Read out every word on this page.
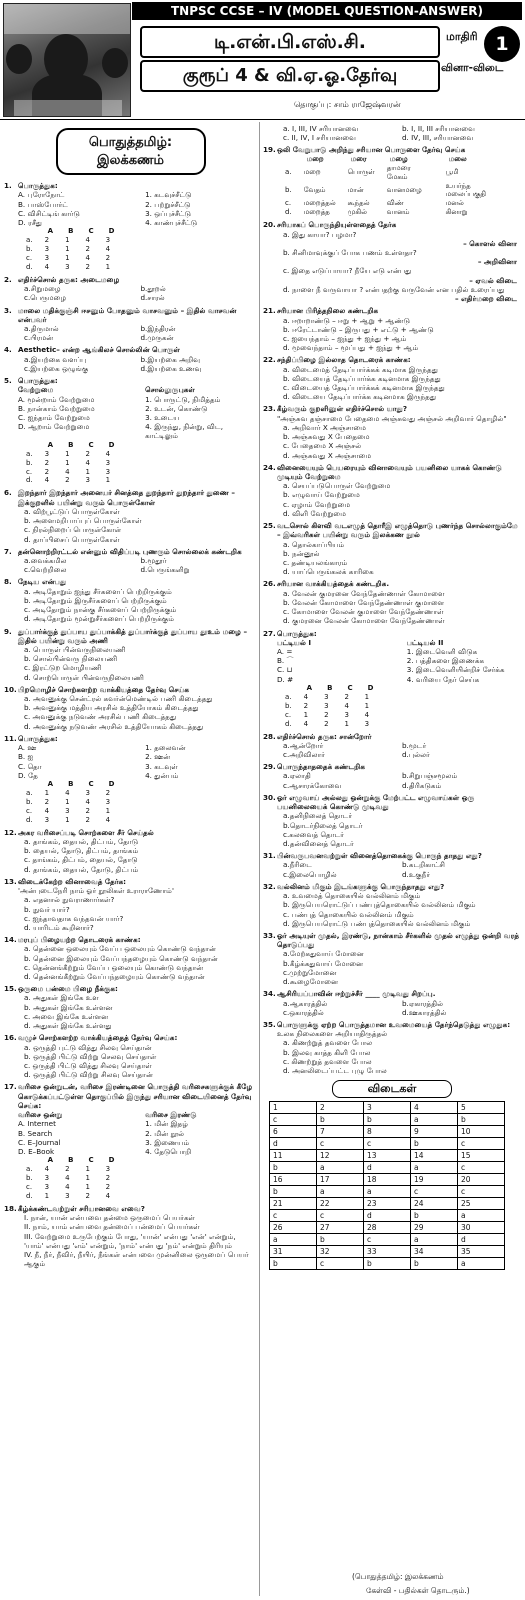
TNPSC CCSE – IV (MODEL QUESTION-ANSWER)
டி.என்.பி.எஸ்.சி.
குரூப் 4 & வி.ஏ.ஓ.தேர்வு
மாதிரி 1
வினா-விடை
தொகுப்பு: சாம் ராஜேஷ்வரன்
பொதுத்தமிழ்: இலக்கணம்
1. பொருத்துக:
A. புரோநோட்	1. கடவுச்சீட்டு
B. பாஸ்போர்ட்	2. பற்றுச்சீட்டு
C. விசிட்டிங் கார்டு	3. ஒப்புச்சீட்டு
D. ரசீது	4. காண்புச்சீட்டு
	A	B	C	D
a.	2	1	4	3
b.	3	1	2	4
c.	3	1	4	2
d.	4	3	2	1
2. எதிர்ச்சொல் தருக: அடைமழை
a.சிறுமழை	b.தூறல்
c.பெருமழை	d.சாரல்
3. மாலை மதிக்குஞ்சி ஈசனும் போதனும் வாசவனும் – இதில் வாசவன் என்பவர்
a.திருமால்	b.இந்திரன்
c.பிரமன்	d.முருகன்
4. Aesthetic– என்ற ஆங்கிலச் சொல்லின் பொருள்
a.இயற்கை வளப்பு	b.இயற்கை அறிவு
c.இயற்கை ஒழுங்கு	d.இயற்கை உணவு
5. பொருத்துக:
வேற்றுமை	சொல்லுருபுகள்
A. மூன்றாம் வேற்றுமை	1. பொருட்டு, நிமித்தம்
B. நான்காம் வேற்றுமை	2. உடன், கொண்டு
C. ஐந்தாம் வேற்றுமை	3. உடைய
D. ஆறாம் வேற்றுமை	4. இருந்து, நின்று, விட, காட்டிலும்
	A	B	C	D
a.	3	1	2	4
b.	2	1	4	3
c.	2	4	1	3
d.	4	2	3	1
6. இறந்தார் இறந்தார் அனையர் சினத்தை துறந்தார் துறந்தார் துணை – இக்குறளில் பயின்று வரும் பொருள்கோள்
a. விற்பூட்டுப் பொருள்கோள்
b. அளைமறிபாப்புப் பொருள்கோள்
c. நிரல்நிறைப் பொருள்கோள்
d. தாப்பிசைப் பொருள்கோள்
7. தன்னொற்றிரட்டல் என்னும் விதிப்படி புணரும் சொல்லைக் கண்டறிக
a.வைக்கமில	b.மூதூர்
c.வெற்றிலை	d.பெருங்களிறு
8. நேடிய என்பது
a. அடிதோறும் ஐந்து சீர்களைப் பெற்றிருக்கும்
b. அடிதோறும் இருசீர்களைப் பெற்றிருக்கும்
c. அடிதோறும் நான்கு சீர்களைப் பெற்றிருக்கும்
d. அடிதோறும் மூன்றுசீர்களைப் பெற்றிருக்கும்
9. துப்பார்க்குத் துப்பாய துப்பாக்கித் துப்பார்க்குத் துப்பாய தூஉம் மழை – இதில் பயின்று வரும் அணி
a. பொருள் பின்வருநிலையணி
b. சொல்பின்வரு நிலையணி
c. இரட்டுற மொழியணி
d. சொற்பொருள் பின்வருநிலையணி
10. பிறமொழிச் சொற்களற்ற வாக்கியத்தை தேர்வு செய்க
a. அவனுக்கு சென்ட்ரல் கவர்ன்மெண்டில் பணி கிடைத்தது
b. அவனுக்கு மத்திய அரசில் உத்தியோகம் கிடைத்தது
c. அவனுக்கு நடுவண் அரசில் பணி கிடைத்தது
d. அவனுக்கு நடுவண் அரசில் உத்தியோகம் கிடைத்தது
11. பொருத்துக:
A. ஊ	1. தலைவன்
B. ஐ	2. ஊன்
C. தொ	3. கடவுள்
D. தே	4. துன்பம்
	A	B	C	D
a.	1	4	3	2
b.	2	1	4	3
c.	4	3	2	1
d.	3	1	2	4
12. அகர வரிசைப்படி சொற்களை சீர் செய்தல்
a. தாங்கம், தையல், திட்பம், தோடு
b. தையல், தோடு, திட்பம், தாங்கம்
c. தாங்கம், திட்பம், தையல், தோடு
d. தாங்கம், தையல், தோடு, திட்பம்
13. விடைக்கேற்ற வினாவைத் தேர்க:
'அன்புடைநேரி நாம் ஓர் நூலிகள் உராராணோம்'
a. எதனால் நுவராணார்கள்?
b. நுவர் யார்?
c. ஐந்தாவதாக வந்தவன் யார்?
d. யாரிடம் கூறினார்?
14. மரபுப் பிழையற்ற தொடரைக் காண்க:
a. தென்னை ஒலையும் வேப்ப ஒலையும் கொண்டு வந்தான்
b. தென்னை இலையும் வேப்பந்தழையும் கொண்டு வந்தான்
c. தென்னங்கீற்றும் வேப்ப ஒலையும் கொண்டு வந்தான்
d. தென்னங்கீற்றும் வேப்பந்தழையும் கொண்டு வந்தான்
15. ஒருமை பன்மை பிழை நீக்குக:
a. அதுகள் இங்கே உள
b. அதுகள் இங்கே உள்ளன
c. அவை இங்கே உள்ளன
d. அதுகள் இங்கே உள்ளது
16. வழுச் சொற்களற்ற வாக்கியத்தைத் தேர்வு செய்க:
a. ஒருத்தி புட்டு வித்து சிலவு செய்தான்
b. ஒருத்தி பிட்டு விற்று செலவு செய்தாள்
c. ஒருத்தி பிட்டு வித்து சிலவு செய்தாள்
d. ஒருத்தி பிட்டு விற்று சிலவு செய்தான்
17. வரிசை ஒன்றுடன், வரிசை இரண்டினை பொருத்தி வரிசைகளுக்குக் கீழே கொடுக்கப்பட்டுள்ள தொகுப்பில் இருந்து சரியான விடையினைத் தேர்வு செய்க:
வரிசை ஒன்று	வரிசை இரண்டு
A. Internet	1. மின் இதழ்
B. Search	2. மின் நூல்
C. E–Journal	3. இணையம்
D. E–Book	4. தேடுபொறி
	A	B	C	D
a.	4	2	1	3
b.	3	4	1	2
c.	3	4	1	2
d.	1	3	2	4
18. கீழ்க்கண்டவற்றுள் சரியானவை எவை?
I. நான், யான் என்பவை தன்மை ஒருமைப் பெயர்கள்
II. நாம், யாம் என்பவை தன்மைப் பன்மைப் பெயர்கள்
III. வேற்றுமை உருபேற்கும் போது, 'யான்' என்பது 'என்' என்றும், 'யாம்' என்பது 'எம்' என்றும், 'நாம்' என்பது 'நம்' என்றும் திரியும்
IV. நீ, நீர், நீவிர், நீயிர், நீங்கள் என்பவை முன்னிலை ஒருமைப் பெயர் ஆகும்
a. I, III, IV சரியானவை	b. I, II, III சரியானவை
c. II, IV, I சரியானவை	d. IV, III, சரியானவை
19. ஒலி வேறுபாடு அறிந்து சரியான பொருளை தேர்வு செய்க
	மறை	மரை	மழை	மலை
a.	மறை	பொருள்	தாமரை மேகம்	பூமி
b.	வேதம்	மான்	வானமழை	உயர்ந்த மலைப்பகுதி
c.	மறைத்தல்	கூந்தல்	விண்	மனல்
d.	மறைத்த	முகில்	வானம்	கினாறு
20. சரியாகப் பொருந்தியுள்ளதைத் தேர்க
a. இது காயா? பழமா?
– கொளல் வினா
b. சினிமாவுக்குப் போக பணம் உள்ளதா?
– அறிவினா
c. இதை எடுப்பாயா? நீயே எடு என்பது
– ஏவல் விடை
d. நாளை நீ வருவாயா ? என்பதற்கு வருவேன் என பதில் உரைப்பது
– எதிர்மறை விடை
21. சரியான பிரித்தநிலை கண்டறிக
a. ஈறாறாண்டு – ஈறு + ஆறு + ஆண்டு
b. ஈரேட்டாண்டு – இருபது + எட்டு + ஆண்டு
c. ஐயைந்தாம் – ஐந்து + ஐந்து + ஆம்
d. மூவைந்தாம் – மூப்பது + ஐந்து + ஆம்
22. சந்திப்பிழை இல்லாத தொடரைக் காண்க:
a. விடைமைத் தேடிப்பார்க்கக் கடிமாக இருந்தது
b. விடையைத் தேடிப்பார்க்க கடினமாக இருந்தது
c. விடையைத் தேடிப்பார்க்கக் கடினமாக இருந்தது
d. விடையை தேடிப்பார்க்க கடினமாக இருந்தது
23. கீழ்வரும் குறளினுள் எதிர்ச்சொல் யாது?
"அஞ்சுவ தஞ்சாமை பேதைமை அஞ்சுவது அஞ்சல் அறிவார் தொழில்"
a. அறிவார் X அஞ்சாமை
b. அஞ்சுவது X பேதைமை
c. பேதைமை X அஞ்சல்
d. அஞ்சுவது X அஞ்சாமை
24. வினையையும் பெயரையும் வினாவையும் பயனிலை யாகக் கொண்டு முடியும் வேற்றுமை
a. செயப்படுபொருள் வேற்றுமை
b. எழுவாய் வேற்றுமை
c. ஏழாம் வேற்றுமை
d. விளி வேற்றுமை
25. வடசொல் கிளவி வடஎழுத் தொரீஇ எழுத்தொடு புணர்ந்த சொல்லாகும்மே – இவ்வரிகள் பயின்று வரும் இலக்கண நூல்
a. தொல்காப்பியம்
b. நன்னூல்
c. தண்டியலங்காரம்
d. யாப்பெருங்கலக் காரிகை
26. சரியான வாக்கியத்தைக் கண்டறிக.
a. வேலன் குமரனை வேந்தேண்ணாள் கோமாளை
b. வேலன் கோமாளை வேந்தேண்ணாள் குமாளை
c. கோமாளை வேலன் குமாளை வேந்தேண்ணாள்
d. குமரனை வேலன் கோமாளை வேந்தேண்ணாள்
27. பொருத்துக:
பட்டியல் I	பட்டியல் II
A. =	1. இடைவெளி விடுக
B. ⌒	2. பத்திகளை இணைக்க
C. ⊔	3. இடைவெளியின்றிச் சேர்க்க
D. #	4. வரியை நேர் செய்க
	A	B	C	D
a.	4	3	2	1
b.	2	3	4	1
c.	1	2	3	4
d.	4	2	1	3
28. எதிர்ச்சொல் தருக: சான்றோர்
a.ஆன்றோர்	b.மூடர்
c.அறிவிலார்	d.புல்லர்
29. பொருந்தாததைக் கண்டறிக
a.ஏலாதி	b.சிறுபஞ்சமூலம்
c.ஆசாரக்கோவை	d.திரிகடுகம்
30. ஓர் எழுவாய் அல்லது ஒன்றுக்கு மேற்பட்ட எழுவாய்கள் ஒரு பயனிலையைக் கொண்டு முடிவது
a.தனிநிலைத் தொடர்
b.தொடர்நிலைத் தொடர்
c.கலவைத் தொடர்
d.தன்வினைத் தொடர்
31. பின்வருபவனவற்றுள் வினைத்தொகைக்கு பொருந் தாதது எது?
a.நீரிடை	b.கடறிகாட்சி
c.இலைபொழில்	d.உகுநீர்
32. வல்லினம் மிகும் இடங்களுக்கு பொருந்தாதது எது?
a. உவமைத் தொகையில் வல்லினம் மிகும்
b. இருபெயரொட்டுப் பண்புத்தொகையில் வல்லினம் மிகும்
c. பண்புத் தொகையில் வல்லினம் மிகும்
d. இருபெயரொட்டு பண்புத்தொகையில் வல்லினம் மிகும்
33. ஓர் அடியுள் முதல், இரண்டு, நான்காம் சீர்களில் முதல் எழுத்து ஒன்றி வரத் தொடுப்பது
a.மேற்கதுவாய் மோனை
b.கீழ்க்கதுவாய் மோனை
c.முற்றுமோனை
d.கூழைமோனை
34. ஆசிரியப்பாவின் ஈற்றுச்சீர் ____ முடிவது சிறப்பு.
a.ஆகாரத்தில்	b.ஏகாரத்தில்
c.ஒகாரத்தில்	d.ஊகாரத்தில்
35. பொருளுக்கு ஏற்ற பொருத்தமான உவமையைத் தேர்ந்தெடுத்து எழுதுக:
உலக நிலைகளை அறியாதிருத்தல்
a. கிணற்றுத் தவளை போல
b. இலவு காத்த கிளி போல
c. கிணற்றுத் தவளை போல
d. அனலிடைப்பட்ட புழு போல
விடைகள்
1	2	3	4	5
c	b	b	a	b
6	7	8	9	10
d	c	c	b	c
11	12	13	14	15
b	a	d	a	c
16	17	18	19	20
b	a	a	c	c
21	22	23	24	25
c	c	d	b	a
26	27	28	29	30
a	b	c	a	d
31	32	33	34	35
b	c	b	b	a
(பொதுத்தமிழ்: இலக்கணம்
கேள்வி - பதில்கள் தொடரும்.)
